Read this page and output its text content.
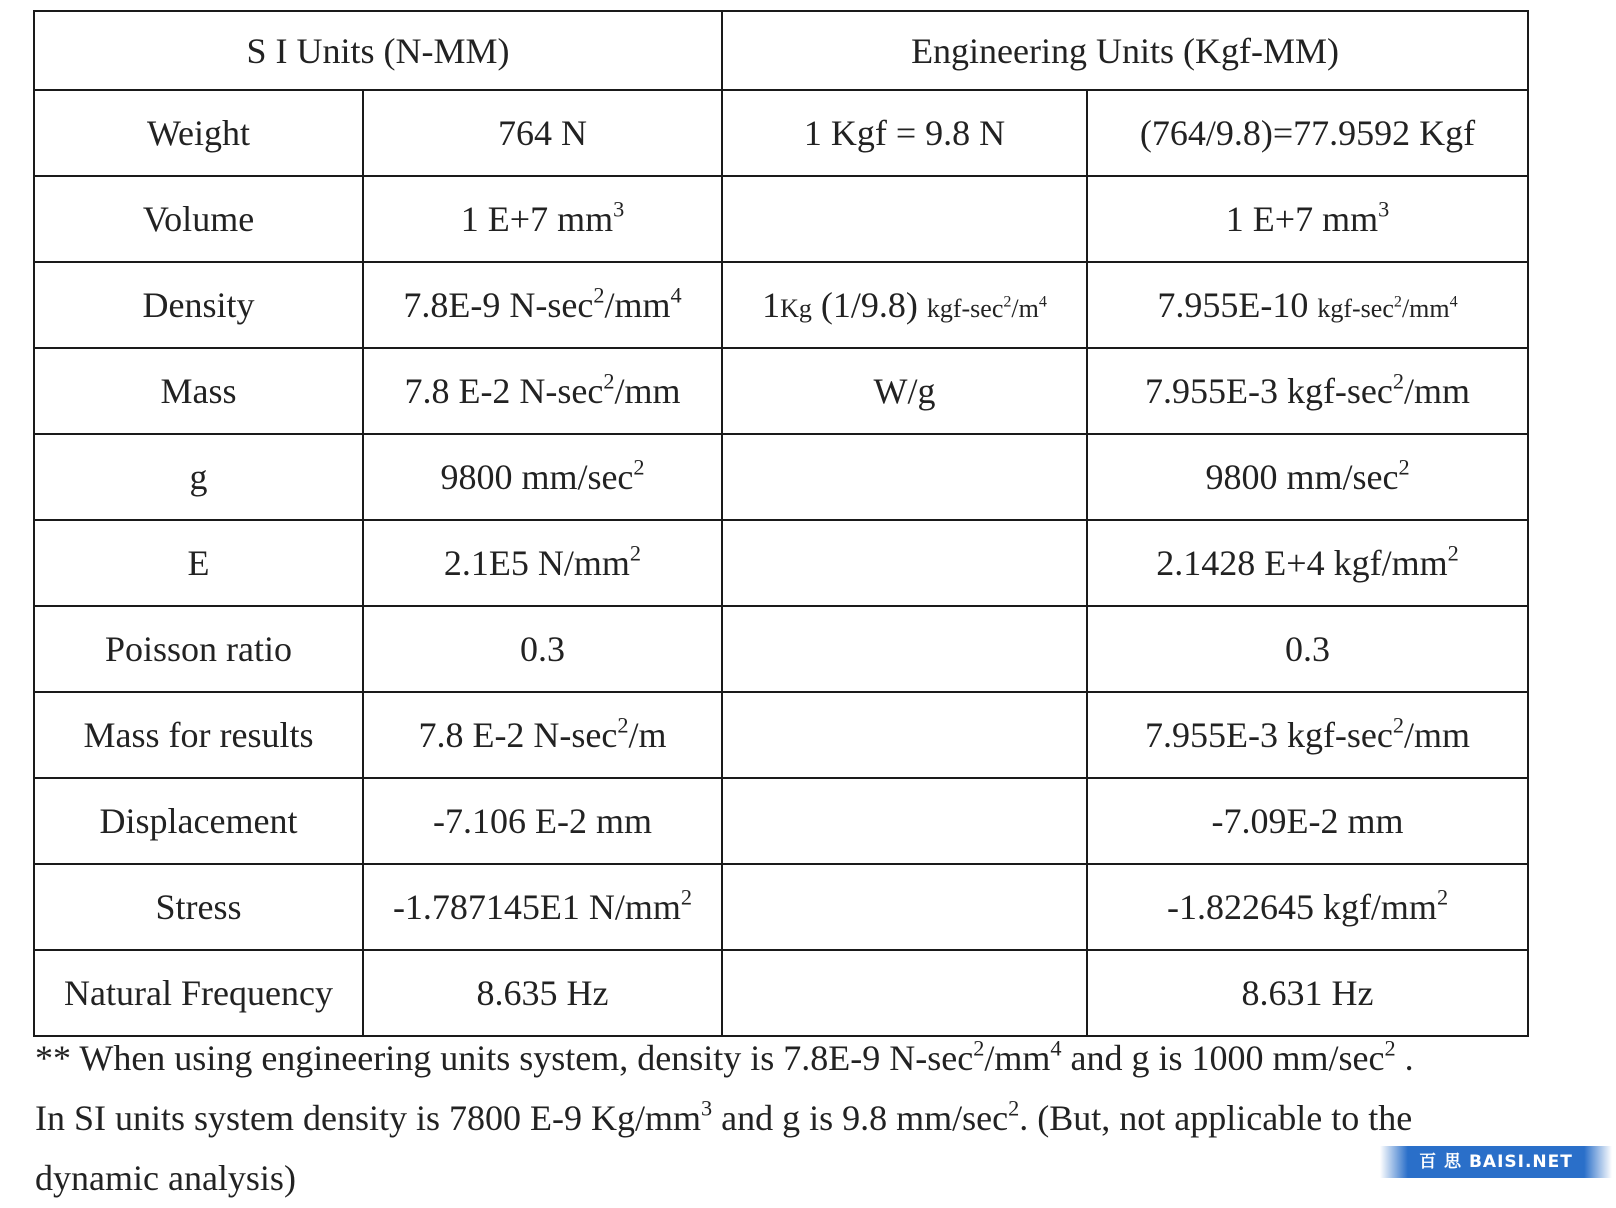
S I Units (N-MM)		Engineering Units (Kgf-MM)	
Weight	764 N	1 Kgf = 9.8 N	(764/9.8)=77.9592 Kgf
Volume	1 E+7 $mm^3$		1 E+7 $mm^3$
Density	7.8E-9 $N-\sec^2/mm^4$	1Kg (1/9.8) kgf-$\sec^2/m^4$	7.955E-10 kgf-$\sec^2/mm^4$
Mass	7.8 E-2 $N-\sec^2/mm$	W/g	7.955E-3 kgf-$\sec^2/mm$
g	9800 $mm/\sec^2$		9800 $mm/\sec^2$
E	2.1E5 $N/mm^2$		2.1428 E+4 kgf/$mm^2$
Poisson ratio	0.3		0.3
Mass for results	7.8 E-2 $N-\sec^2/m$		7.955E-3 kgf-$\sec^2/mm$
Displacement	-7.106 E-2 mm		-7.09E-2 mm
Stress	-1.787145E1 $N/mm^2$		-1.822645 kgf/$mm^2$
Natural Frequency	8.635 Hz		8.631 Hz

** When using engineering units system, density is 7.8E-9 $N-\sec^2/mm^4$ and g is 1000 $mm/\sec^2$ .

In SI units system density is 7800 E-9 $Kg/mm^3$ and g is 9.8 $mm/\sec^2$. (But, not applicable to the

dynamic analysis)	百 思 BAISI.NET
